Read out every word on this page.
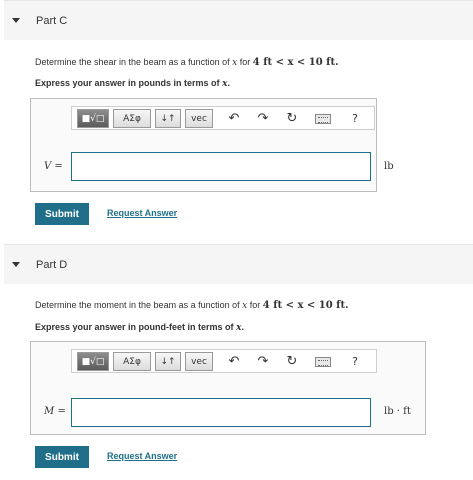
Part C
Determine the shear in the beam as a function of x for 4 ft < x < 10 ft.
Express your answer in pounds in terms of x.
■√□ ΑΣφ ↓↑ vec ↶ ↷ ↻	?
V =	lb
Submit	Request Answer
Part D
Determine the moment in the beam as a function of x for 4 ft < x < 10 ft.
Express your answer in pound-feet in terms of x.
■√□ ΑΣφ ↓↑ vec ↶ ↷ ↻	?
M =	lb · ft
Submit	Request Answer
